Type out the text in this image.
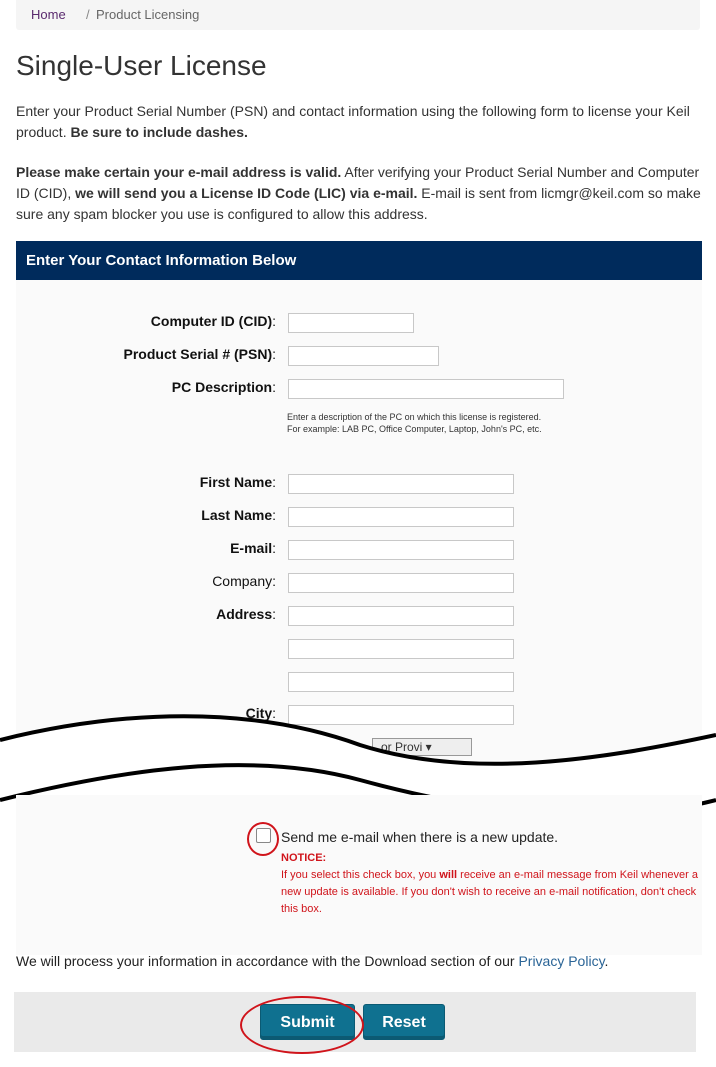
Home / Product Licensing
Single-User License

Enter your Product Serial Number (PSN) and contact information using the following form to license your Keil product. Be sure to include dashes.

Please make certain your e-mail address is valid. After verifying your Product Serial Number and Computer ID (CID), we will send you a License ID Code (LIC) via e-mail. E-mail is sent from licmgr@keil.com so make sure any spam blocker you use is configured to allow this address.

Enter Your Contact Information Below
Computer ID (CID):
Product Serial # (PSN):
PC Description:
Enter a description of the PC on which this license is registered.
For example: LAB PC, Office Computer, Laptop, John's PC, etc.
First Name:
Last Name:
E-mail:
Company:
Address:
City:
or Provi ▾
Send me e-mail when there is a new update.
NOTICE:
If you select this check box, you will receive an e-mail message from Keil whenever a new update is available. If you don't wish to receive an e-mail notification, don't check this box.
We will process your information in accordance with the Download section of our Privacy Policy.
Submit	Reset
